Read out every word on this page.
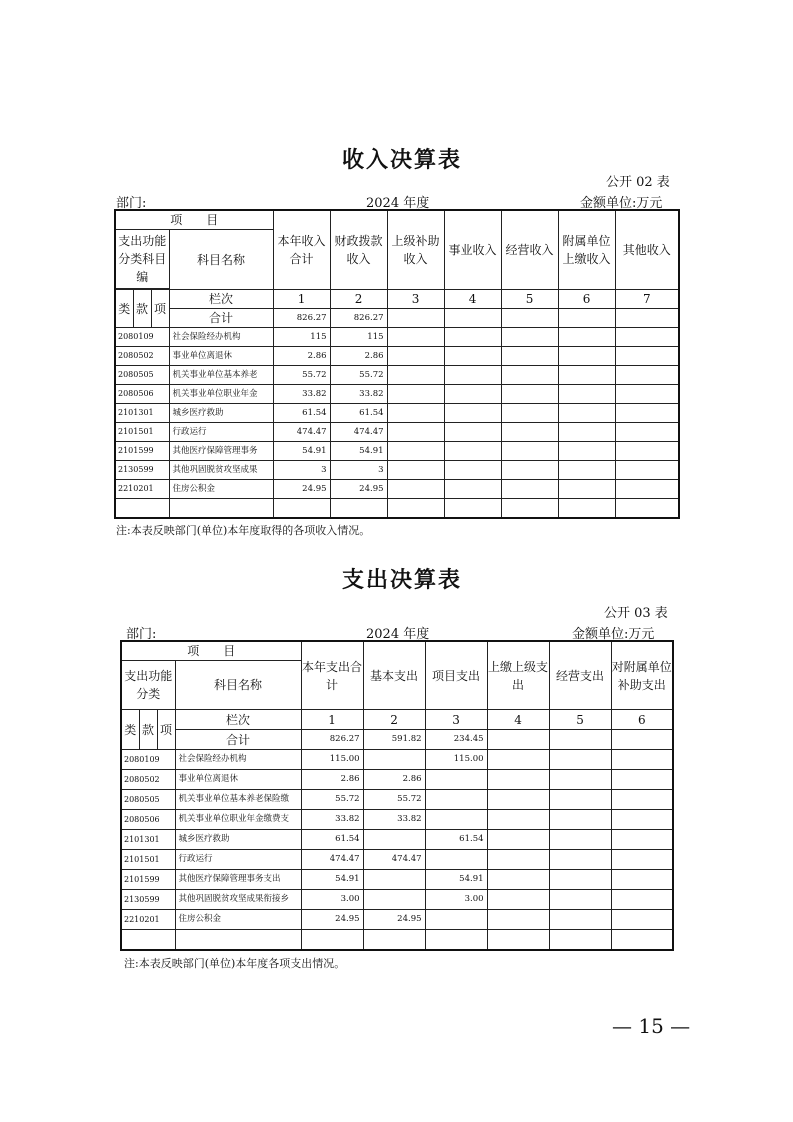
收入决算表
公开 02 表
部门:	2024 年度	金额单位:万元
项　　目				本年收入合计	财政拨款收入	上级补助收入	事业收入	经营收入	附属单位上缴收入	其他收入
支出功能分类科目编			科目名称							

类	款	项	栏次	1	2	3	4	5	6	7
			合计	826.27	826.27					
2080109			社会保险经办机构	115	115					
2080502			事业单位离退休	2.86	2.86					
2080505			机关事业单位基本养老	55.72	55.72					
2080506			机关事业单位职业年金	33.82	33.82					
2101301			城乡医疗救助	61.54	61.54					
2101501			行政运行	474.47	474.47					
2101599			其他医疗保障管理事务	54.91	54.91					
2130599			其他巩固脱贫攻坚成果	3	3					
2210201			住房公积金	24.95	24.95					

注:本表反映部门(单位)本年度取得的各项收入情况。
支出决算表
公开 03 表
部门:	2024 年度	金额单位:万元
项　　目				本年支出合计	基本支出	项目支出	上缴上级支出	经营支出	对附属单位补助支出
支出功能分类			科目名称						
类	款	项	栏次	1	2	3	4	5	6
			合计	826.27	591.82	234.45			
2080109			社会保险经办机构	115.00		115.00			
2080502			事业单位离退休	2.86	2.86				
2080505			机关事业单位基本养老保险缴	55.72	55.72				
2080506			机关事业单位职业年金缴费支	33.82	33.82				
2101301			城乡医疗救助	61.54		61.54			
2101501			行政运行	474.47	474.47				
2101599			其他医疗保障管理事务支出	54.91		54.91			
2130599			其他巩固脱贫攻坚成果衔接乡	3.00		3.00			
2210201			住房公积金	24.95	24.95				

注:本表反映部门(单位)本年度各项支出情况。
— 15 —
